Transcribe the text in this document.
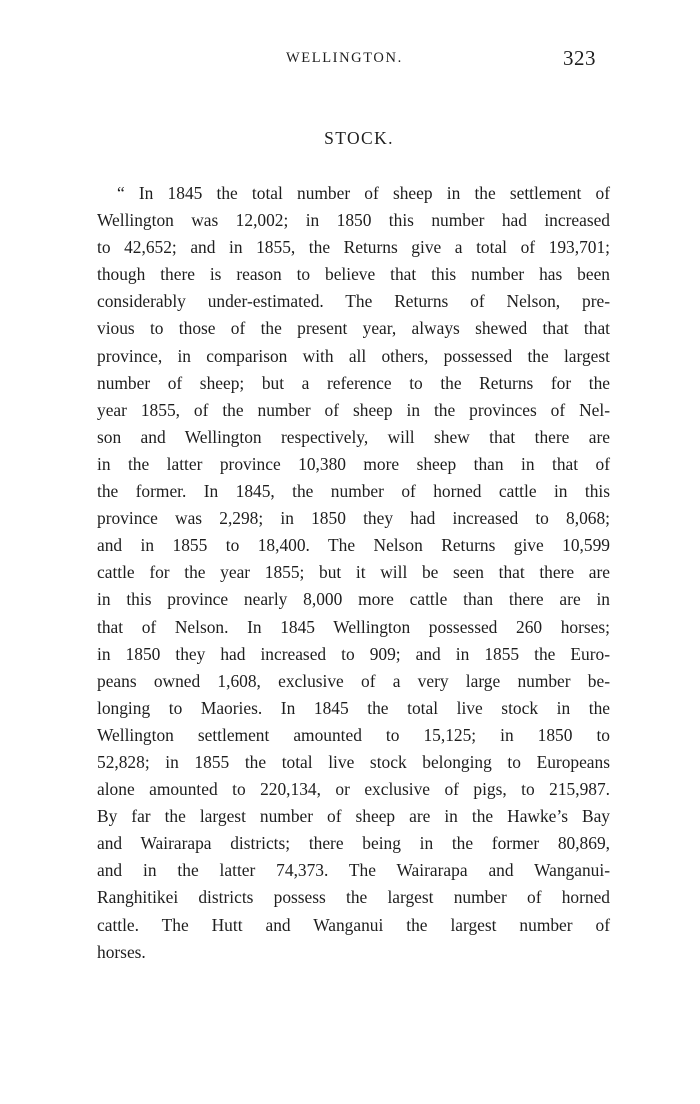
WELLINGTON.	323
STOCK.
“ In 1845 the total number of sheep in the settlement of
Wellington was 12,002; in 1850 this number had increased
to 42,652; and in 1855, the Returns give a total of 193,701;
though there is reason to believe that this number has been
considerably under-estimated. The Returns of Nelson, pre-
vious to those of the present year, always shewed that that
province, in comparison with all others, possessed the largest
number of sheep; but a reference to the Returns for the
year 1855, of the number of sheep in the provinces of Nel-
son and Wellington respectively, will shew that there are
in the latter province 10,380 more sheep than in that of
the former. In 1845, the number of horned cattle in this
province was 2,298; in 1850 they had increased to 8,068;
and in 1855 to 18,400. The Nelson Returns give 10,599
cattle for the year 1855; but it will be seen that there are
in this province nearly 8,000 more cattle than there are in
that of Nelson. In 1845 Wellington possessed 260 horses;
in 1850 they had increased to 909; and in 1855 the Euro-
peans owned 1,608, exclusive of a very large number be-
longing to Maories. In 1845 the total live stock in the
Wellington settlement amounted to 15,125; in 1850 to
52,828; in 1855 the total live stock belonging to Europeans
alone amounted to 220,134, or exclusive of pigs, to 215,987.
By far the largest number of sheep are in the Hawke’s Bay
and Wairarapa districts; there being in the former 80,869,
and in the latter 74,373. The Wairarapa and Wanganui-
Ranghitikei districts possess the largest number of horned
cattle. The Hutt and Wanganui the largest number of
horses.
